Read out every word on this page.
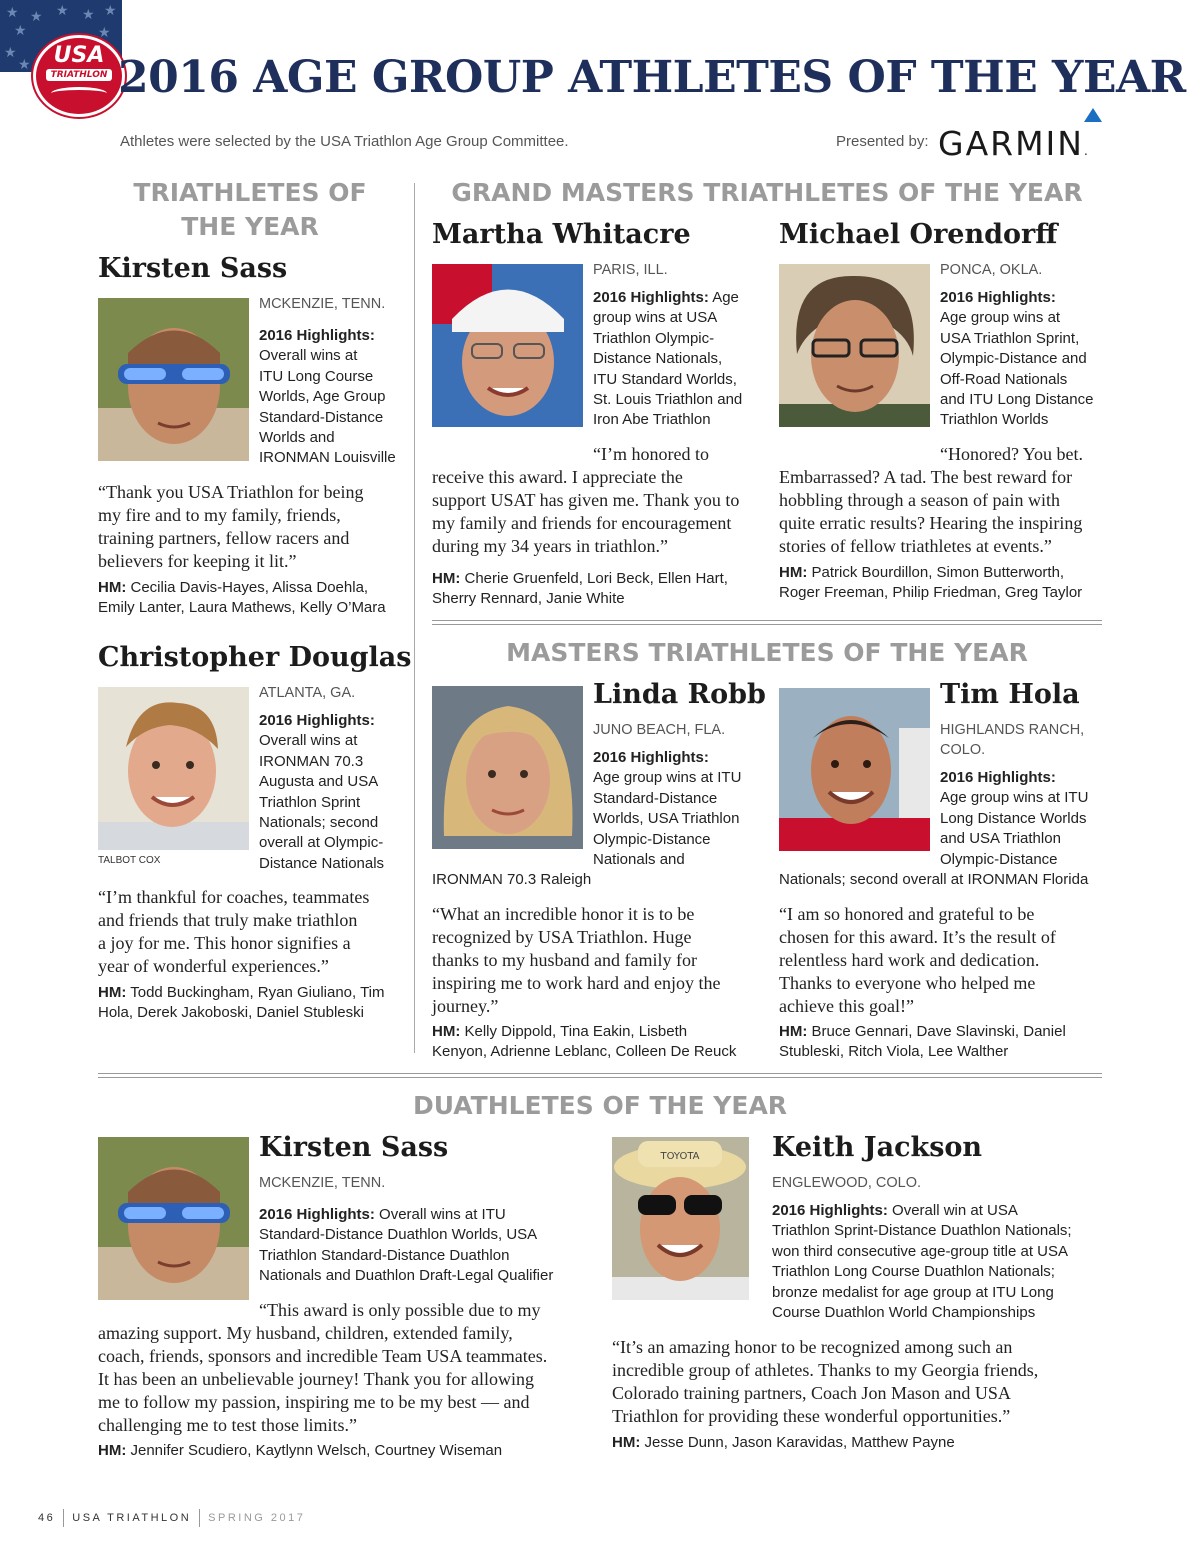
★ ★ ★ ★ ★
★
★
★
★
USA
TRIATHLON 2016 AGE GROUP ATHLETES OF THE YEAR
Athletes were selected by the USA Triathlon Age Group Committee.	Presented by: GARMIN.
TRIATHLETES OF
THE YEAR
Kirsten Sass
MCKENZIE, TENN.
2016 Highlights:
Overall wins at
ITU Long Course
Worlds, Age Group
Standard-Distance
Worlds and
IRONMAN Louisville
“Thank you USA Triathlon for being
my fire and to my family, friends,
training partners, fellow racers and
believers for keeping it lit.”
HM: Cecilia Davis-Hayes, Alissa Doehla,
Emily Lanter, Laura Mathews, Kelly O’Mara
Christopher Douglas
TALBOT COX
ATLANTA, GA.
2016 Highlights:
Overall wins at
IRONMAN 70.3
Augusta and USA
Triathlon Sprint
Nationals; second
overall at Olympic-
Distance Nationals
“I’m thankful for coaches, teammates
and friends that truly make triathlon
a joy for me. This honor signifies a
year of wonderful experiences.”
HM: Todd Buckingham, Ryan Giuliano, Tim
Hola, Derek Jakoboski, Daniel Stubleski
GRAND MASTERS TRIATHLETES OF THE YEAR
Martha Whitacre
PARIS, ILL.
2016 Highlights: Age
group wins at USA
Triathlon Olympic-
Distance Nationals,
ITU Standard Worlds,
St. Louis Triathlon and
Iron Abe Triathlon
“I’m honored to
receive this award. I appreciate the
support USAT has given me. Thank you to
my family and friends for encouragement
during my 34 years in triathlon.”
HM: Cherie Gruenfeld, Lori Beck, Ellen Hart,
Sherry Rennard, Janie White
Michael Orendorff
PONCA, OKLA.
2016 Highlights:
Age group wins at
USA Triathlon Sprint,
Olympic-Distance and
Off-Road Nationals
and ITU Long Distance
Triathlon Worlds
“Honored? You bet.
Embarrassed? A tad. The best reward for
hobbling through a season of pain with
quite erratic results? Hearing the inspiring
stories of fellow triathletes at events.”
HM: Patrick Bourdillon, Simon Butterworth,
Roger Freeman, Philip Friedman, Greg Taylor
MASTERS TRIATHLETES OF THE YEAR
Linda Robb
JUNO BEACH, FLA.
2016 Highlights:
Age group wins at ITU
Standard-Distance
Worlds, USA Triathlon
Olympic-Distance
Nationals and
IRONMAN 70.3 Raleigh
“What an incredible honor it is to be
recognized by USA Triathlon. Huge
thanks to my husband and family for
inspiring me to work hard and enjoy the
journey.”
HM: Kelly Dippold, Tina Eakin, Lisbeth
Kenyon, Adrienne Leblanc, Colleen De Reuck
Tim Hola
HIGHLANDS RANCH,
COLO.
2016 Highlights:
Age group wins at ITU
Long Distance Worlds
and USA Triathlon
Olympic-Distance
Nationals; second overall at IRONMAN Florida
“I am so honored and grateful to be
chosen for this award. It’s the result of
relentless hard work and dedication.
Thanks to everyone who helped me
achieve this goal!”
HM: Bruce Gennari, Dave Slavinski, Daniel
Stubleski, Ritch Viola, Lee Walther
DUATHLETES OF THE YEAR
Kirsten Sass
MCKENZIE, TENN.
2016 Highlights: Overall wins at ITU
Standard-Distance Duathlon Worlds, USA
Triathlon Standard-Distance Duathlon
Nationals and Duathlon Draft-Legal Qualifier
“This award is only possible due to my
amazing support. My husband, children, extended family,
coach, friends, sponsors and incredible Team USA teammates.
It has been an unbelievable journey! Thank you for allowing
me to follow my passion, inspiring me to be my best — and
challenging me to test those limits.”
HM: Jennifer Scudiero, Kaytlynn Welsch, Courtney Wiseman
TOYOTA	Keith Jackson
ENGLEWOOD, COLO.
2016 Highlights: Overall win at USA
Triathlon Sprint-Distance Duathlon Nationals;
won third consecutive age-group title at USA
Triathlon Long Course Duathlon Nationals;
bronze medalist for age group at ITU Long
Course Duathlon World Championships
“It’s an amazing honor to be recognized among such an
incredible group of athletes. Thanks to my Georgia friends,
Colorado training partners, Coach Jon Mason and USA
Triathlon for providing these wonderful opportunities.”
HM: Jesse Dunn, Jason Karavidas, Matthew Payne
46 USA TRIATHLON SPRING 2017
